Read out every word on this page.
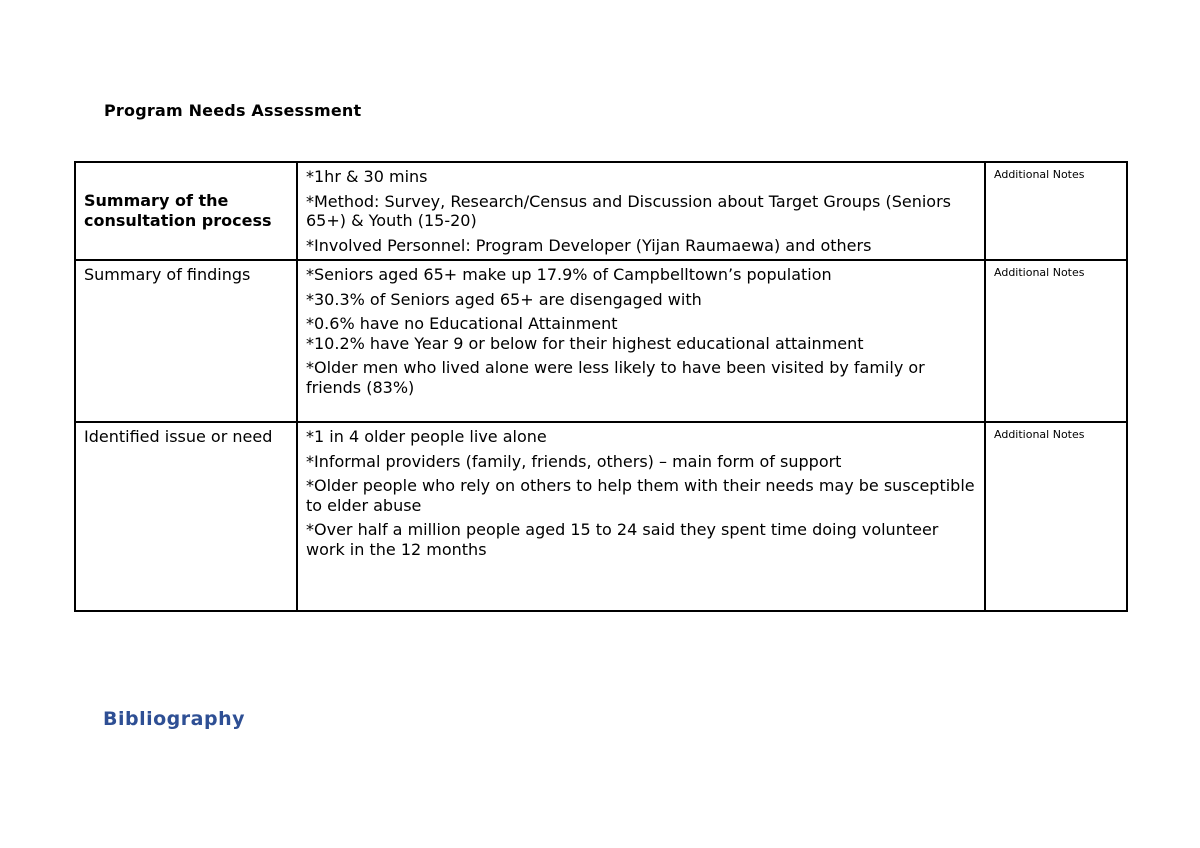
Program Needs Assessment
Summary of the consultation process	*1hr & 30 mins
*Method: Survey, Research/Census and Discussion about Target Groups (Seniors 65+) & Youth (15-20)
*Involved Personnel: Program Developer (Yijan Raumaewa) and others	Additional Notes

Summary of findings	*Seniors aged 65+ make up 17.9% of Campbelltown’s population
*30.3% of Seniors aged 65+ are disengaged with
*0.6% have no Educational Attainment
*10.2% have Year 9 or below for their highest educational attainment
*Older men who lived alone were less likely to have been visited by family or friends (83%)	Additional Notes

Identified issue or need	*1 in 4 older people live alone
*Informal providers (family, friends, others) – main form of support
*Older people who rely on others to help them with their needs may be susceptible to elder abuse
*Over half a million people aged 15 to 24 said they spent time doing volunteer work in the 12 months	Additional Notes
Bibliography
